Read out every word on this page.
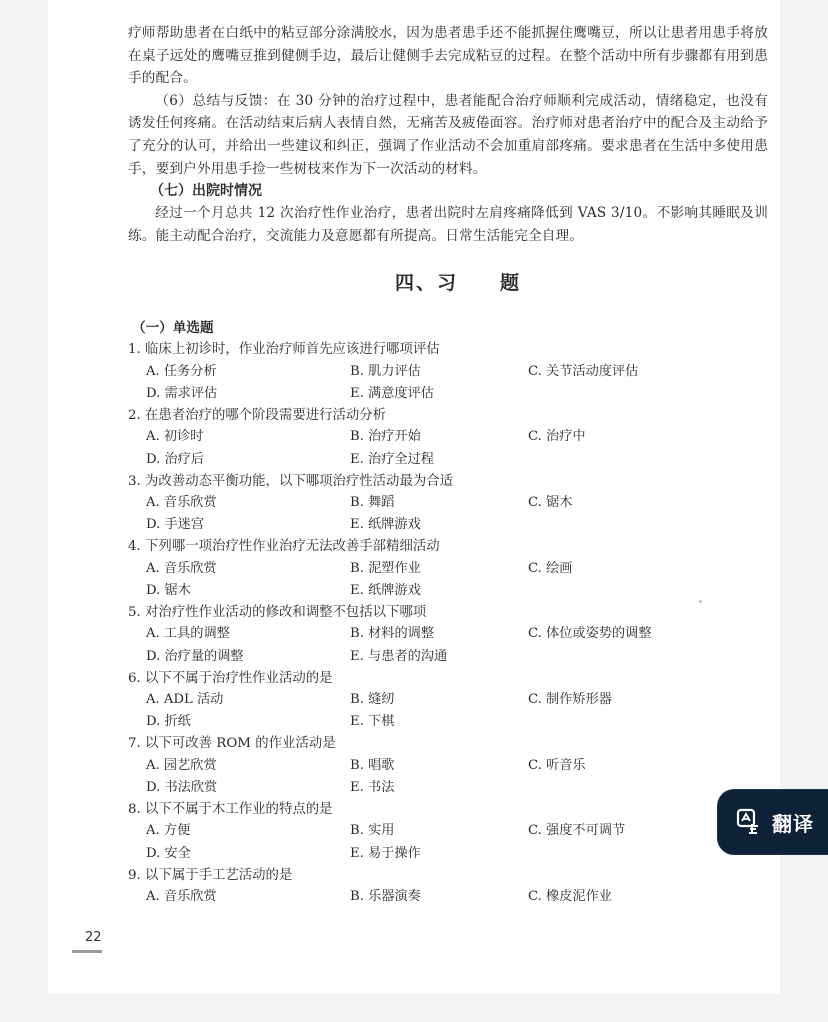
疗师帮助患者在白纸中的粘豆部分涂满胶水，因为患者患手还不能抓握住鹰嘴豆，所以让患者用患手将放在桌子远处的鹰嘴豆推到健侧手边，最后让健侧手去完成粘豆的过程。在整个活动中所有步骤都有用到患手的配合。

（6）总结与反馈：在 30 分钟的治疗过程中，患者能配合治疗师顺利完成活动，情绪稳定，也没有诱发任何疼痛。在活动结束后病人表情自然，无痛苦及疲倦面容。治疗师对患者治疗中的配合及主动给予了充分的认可，并给出一些建议和纠正，强调了作业活动不会加重肩部疼痛。要求患者在生活中多使用患手，要到户外用患手捡一些树枝来作为下一次活动的材料。

（七）出院时情况

经过一个月总共 12 次治疗性作业治疗，患者出院时左肩疼痛降低到 VAS 3/10。不影响其睡眠及训练。能主动配合治疗，交流能力及意愿都有所提高。日常生活能完全自理。

四、习　　题
（一）单选题
1. 临床上初诊时，作业治疗师首先应该进行哪项评估
A. 任务分析	B. 肌力评估	C. 关节活动度评估
D. 需求评估	E. 满意度评估
2. 在患者治疗的哪个阶段需要进行活动分析
A. 初诊时	B. 治疗开始	C. 治疗中
D. 治疗后	E. 治疗全过程
3. 为改善动态平衡功能，以下哪项治疗性活动最为合适
A. 音乐欣赏	B. 舞蹈	C. 锯木
D. 手迷宫	E. 纸牌游戏
4. 下列哪一项治疗性作业治疗无法改善手部精细活动
A. 音乐欣赏	B. 泥塑作业	C. 绘画
D. 锯木	E. 纸牌游戏
5. 对治疗性作业活动的修改和调整不包括以下哪项
A. 工具的调整	B. 材料的调整	C. 体位或姿势的调整
D. 治疗量的调整	E. 与患者的沟通
6. 以下不属于治疗性作业活动的是
A. ADL 活动	B. 缝纫	C. 制作矫形器
D. 折纸	E. 下棋
7. 以下可改善 ROM 的作业活动是
A. 园艺欣赏	B. 唱歌	C. 听音乐
D. 书法欣赏	E. 书法
8. 以下不属于木工作业的特点的是
A. 方便	B. 实用	C. 强度不可调节
D. 安全	E. 易于操作
9. 以下属于手工艺活动的是
A. 音乐欣赏	B. 乐器演奏	C. 橡皮泥作业
22
翻译
